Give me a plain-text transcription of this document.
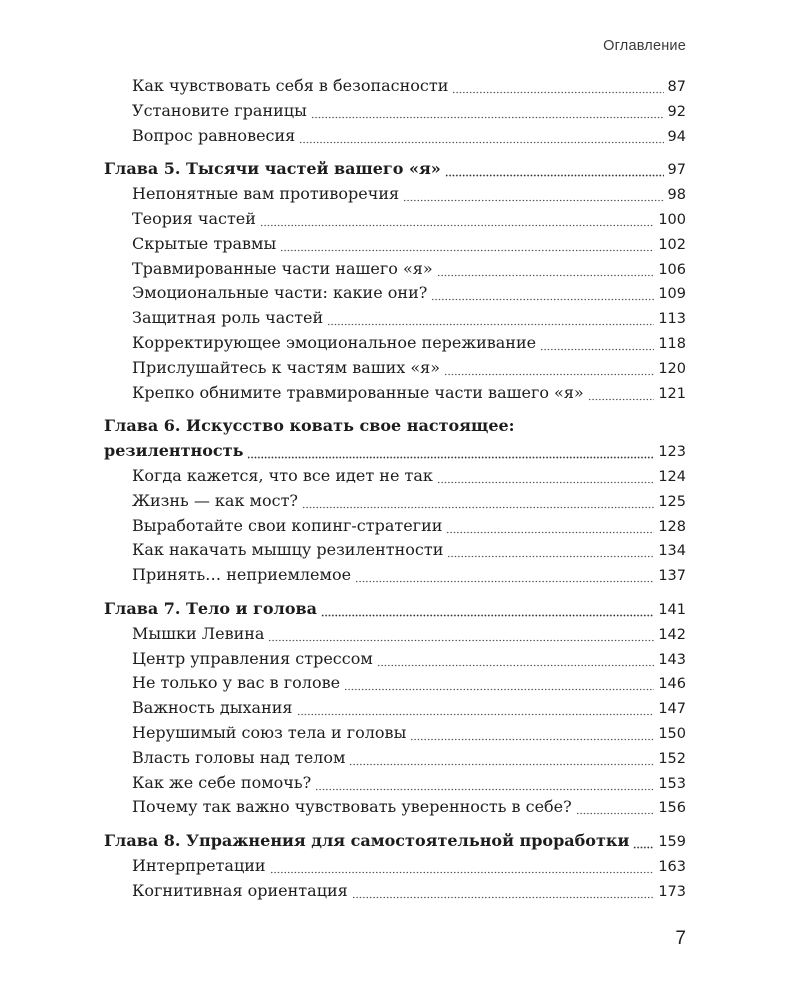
Оглавление
Как чувствовать себя в безопасности	87
Установите границы	92
Вопрос равновесия	94
Глава 5. Тысячи частей вашего «я»	97
Непонятные вам противоречия	98
Теория частей	100
Скрытые травмы	102
Травмированные части нашего «я»	106
Эмоциональные части: какие они?	109
Защитная роль частей	113
Корректирующее эмоциональное переживание	118
Прислушайтесь к частям ваших «я»	120
Крепко обнимите травмированные части вашего «я»	121
Глава 6. Искусство ковать свое настоящее:
резилентность	123
Когда кажется, что все идет не так	124
Жизнь — как мост?	125
Выработайте свои копинг-стратегии	128
Как накачать мышцу резилентности	134
Принять… неприемлемое	137
Глава 7. Тело и голова	141
Мышки Левина	142
Центр управления стрессом	143
Не только у вас в голове	146
Важность дыхания	147
Нерушимый союз тела и головы	150
Власть головы над телом	152
Как же себе помочь?	153
Почему так важно чувствовать уверенность в себе?	156
Глава 8. Упражнения для самостоятельной проработки 159
Интерпретации	163
Когнитивная ориентация	173
7
